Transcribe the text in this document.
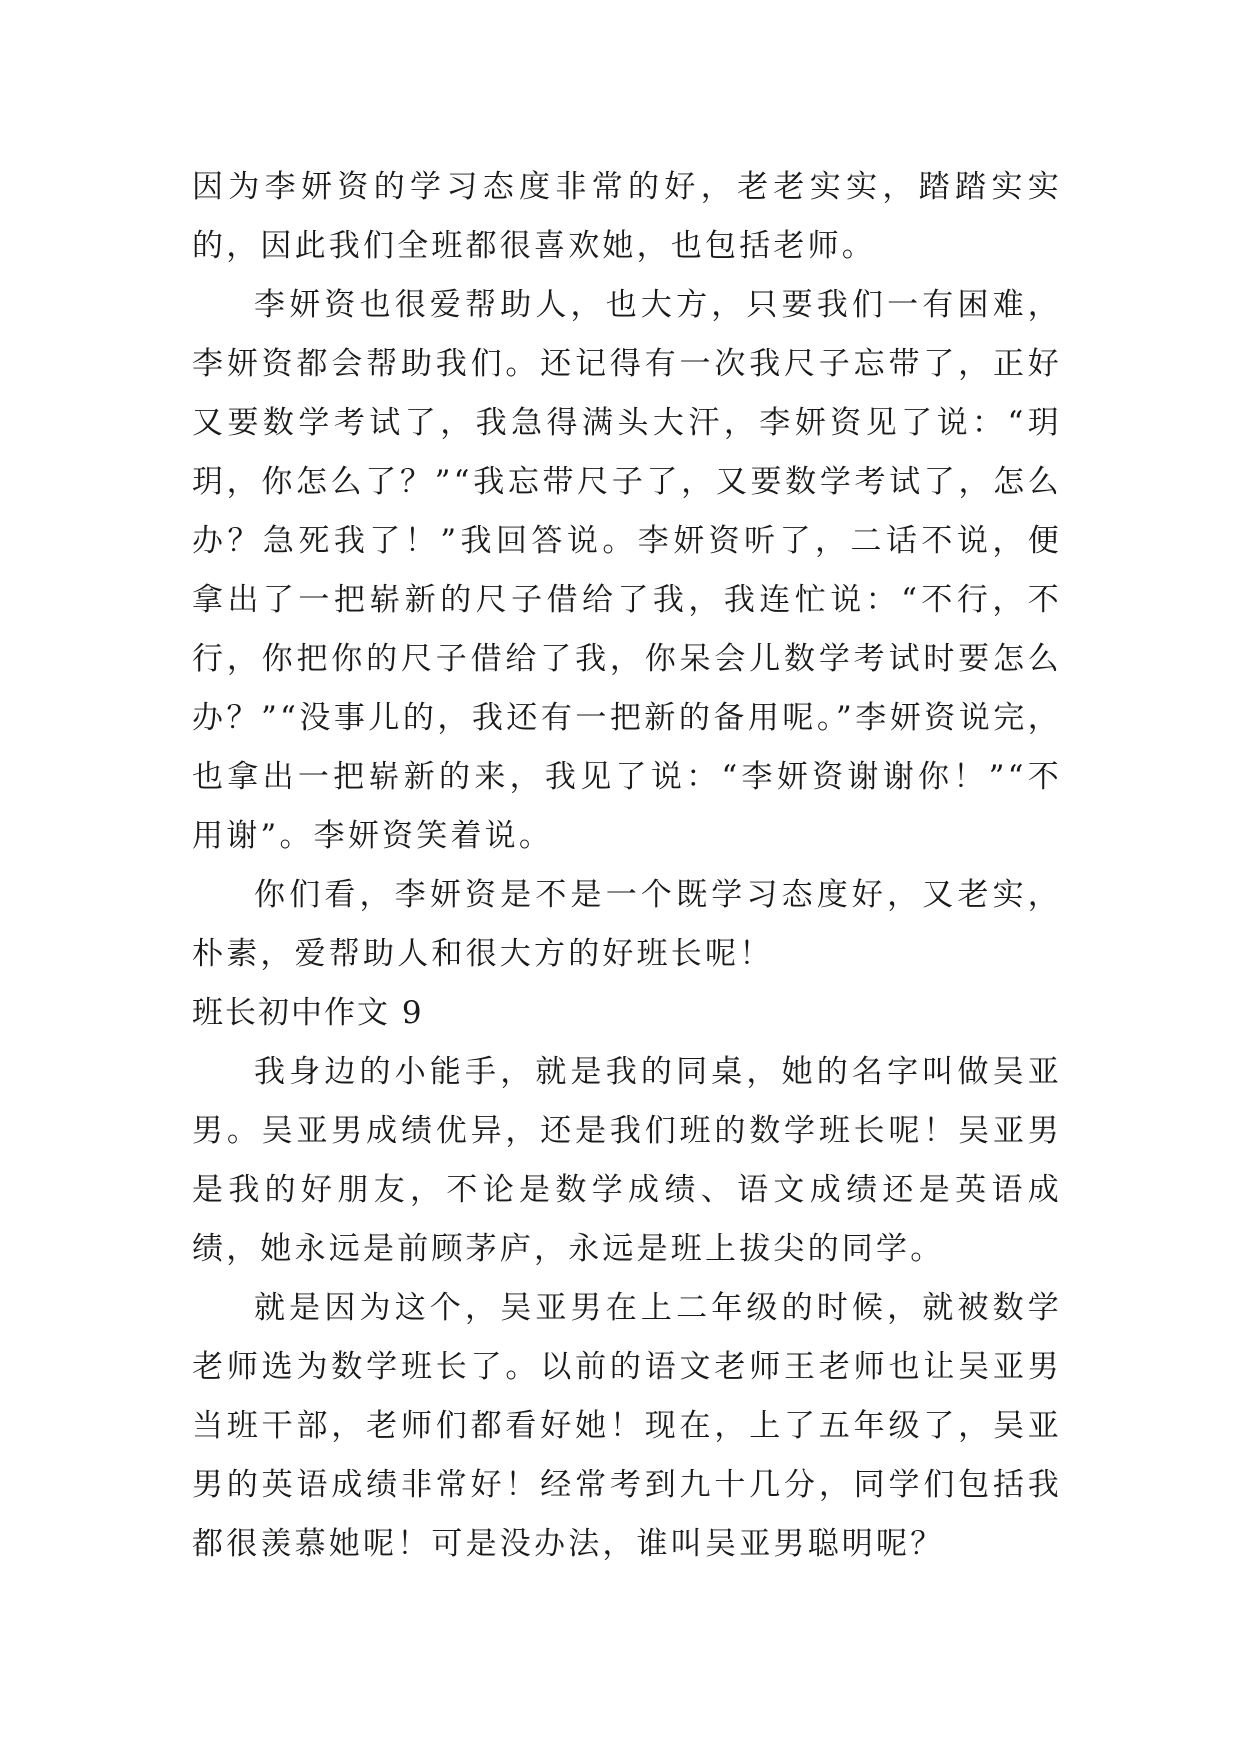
因为李妍资的学习态度非常的好，老老实实，踏踏实实的，因此我们全班都很喜欢她，也包括老师。

李妍资也很爱帮助人，也大方，只要我们一有困难，李妍资都会帮助我们。还记得有一次我尺子忘带了，正好又要数学考试了，我急得满头大汗，李妍资见了说：“玥玥，你怎么了？”“我忘带尺子了，又要数学考试了，怎么办？急死我了！”我回答说。李妍资听了，二话不说，便拿出了一把崭新的尺子借给了我，我连忙说：“不行，不行，你把你的尺子借给了我，你呆会儿数学考试时要怎么办？”“没事儿的，我还有一把新的备用呢。”李妍资说完，也拿出一把崭新的来，我见了说：“李妍资谢谢你！”“不用谢”。李妍资笑着说。

你们看，李妍资是不是一个既学习态度好，又老实，朴素，爱帮助人和很大方的好班长呢！

班长初中作文 9

我身边的小能手，就是我的同桌，她的名字叫做吴亚男。吴亚男成绩优异，还是我们班的数学班长呢！吴亚男是我的好朋友，不论是数学成绩、语文成绩还是英语成绩，她永远是前顾茅庐，永远是班上拔尖的同学。

就是因为这个，吴亚男在上二年级的时候，就被数学老师选为数学班长了。以前的语文老师王老师也让吴亚男当班干部，老师们都看好她！现在，上了五年级了，吴亚男的英语成绩非常好！经常考到九十几分，同学们包括我都很羡慕她呢！可是没办法，谁叫吴亚男聪明呢？
